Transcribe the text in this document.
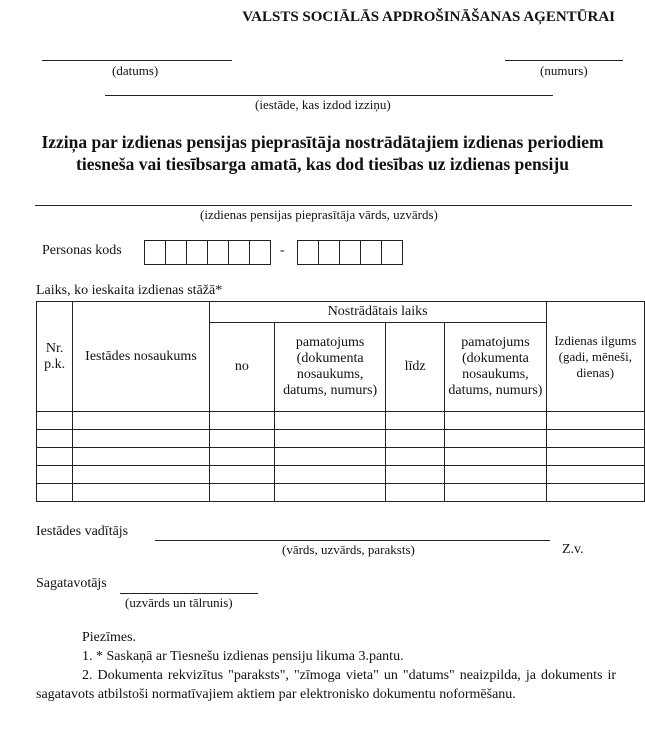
VALSTS SOCIĀLĀS APDROŠINĀŠANAS AĢENTŪRAI
(datums)	(numurs)
(iestāde, kas izdod izziņu)
Izziņa par izdienas pensijas pieprasītāja nostrādātajiem izdienas periodiem
tiesneša vai tiesībsarga amatā, kas dod tiesības uz izdienas pensiju
(izdienas pensijas pieprasītāja vārds, uzvārds)
Personas kods	-
Laiks, ko ieskaita izdienas stāžā*
Nr. p.k.	Iestādes nosaukums	Nostrādātais laiks				Izdienas ilgums (gadi, mēneši, dienas)
		no	pamatojums (dokumenta nosaukums, datums, numurs)	līdz	pamatojums (dokumenta nosaukums, datums, numurs)	

Iestādes vadītājs
(vārds, uzvārds, paraksts)	Z.v.
Sagatavotājs
(uzvārds un tālrunis)
Piezīmes.
1. * Saskaņā ar Tiesnešu izdienas pensiju likuma 3.pantu.
2. Dokumenta rekvizītus "paraksts", "zīmoga vieta" un "datums" neaizpilda, ja dokuments ir sagatavots atbilstoši normatīvajiem aktiem par elektronisko dokumentu noformēšanu.
